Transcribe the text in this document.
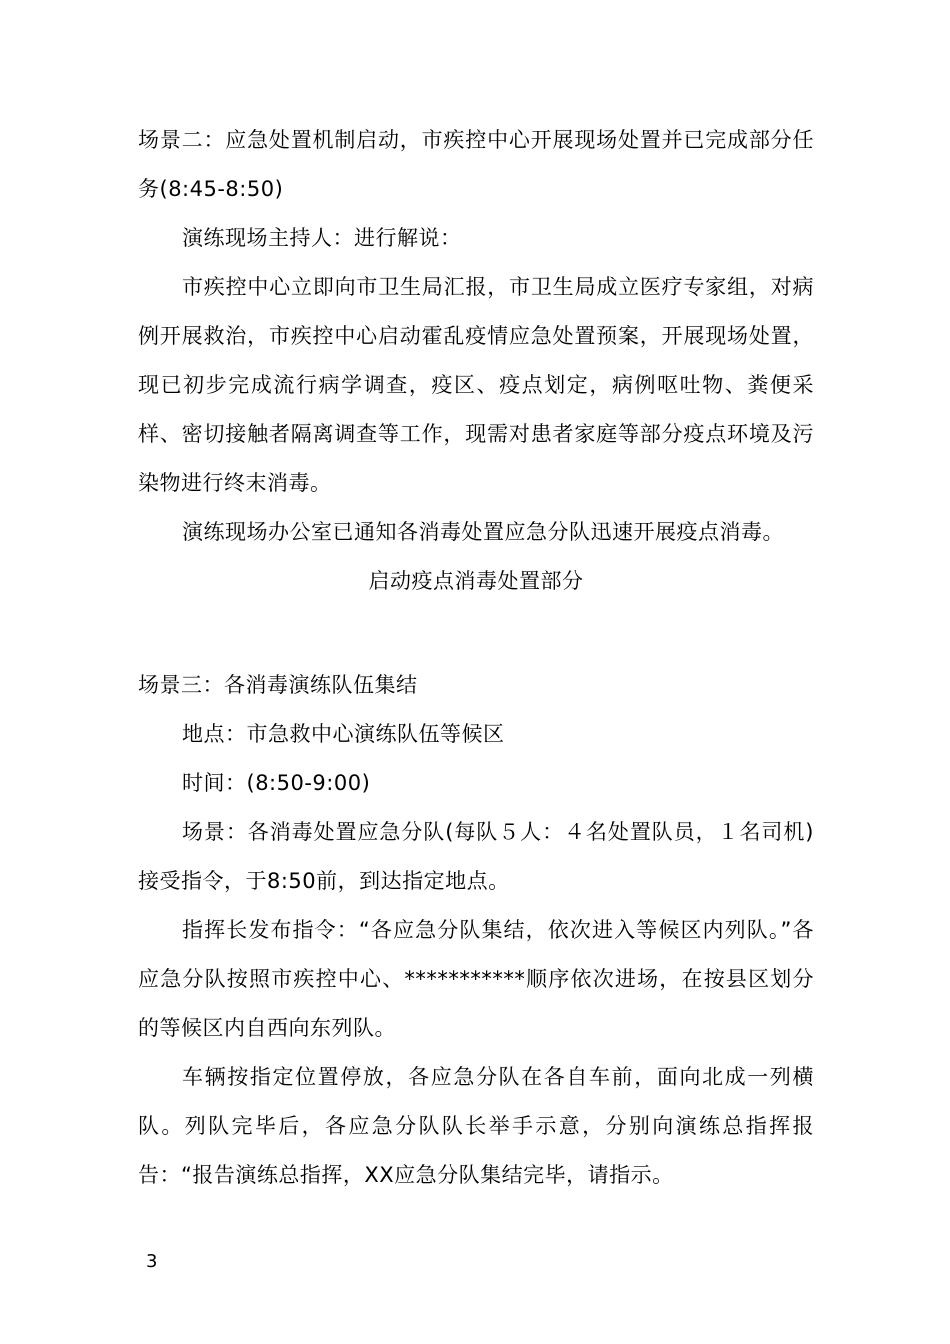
场景二：应急处置机制启动，市疾控中心开展现场处置并已完成部分任务(8:45-8:50)

演练现场主持人：进行解说：

市疾控中心立即向市卫生局汇报，市卫生局成立医疗专家组，对病例开展救治，市疾控中心启动霍乱疫情应急处置预案，开展现场处置，现已初步完成流行病学调查，疫区、疫点划定，病例呕吐物、粪便采样、密切接触者隔离调查等工作，现需对患者家庭等部分疫点环境及污染物进行终末消毒。

演练现场办公室已通知各消毒处置应急分队迅速开展疫点消毒。

启动疫点消毒处置部分

场景三：各消毒演练队伍集结

地点：市急救中心演练队伍等候区

时间：(8:50-9:00)

场景：各消毒处置应急分队(每队５人：４名处置队员，１名司机)接受指令，于8:50前，到达指定地点。

指挥长发布指令：“各应急分队集结，依次进入等候区内列队。”各应急分队按照市疾控中心、***********顺序依次进场，在按县区划分的等候区内自西向东列队。

车辆按指定位置停放，各应急分队在各自车前，面向北成一列横队。列队完毕后，各应急分队队长举手示意，分别向演练总指挥报告：“报告演练总指挥，XX应急分队集结完毕，请指示。

3
